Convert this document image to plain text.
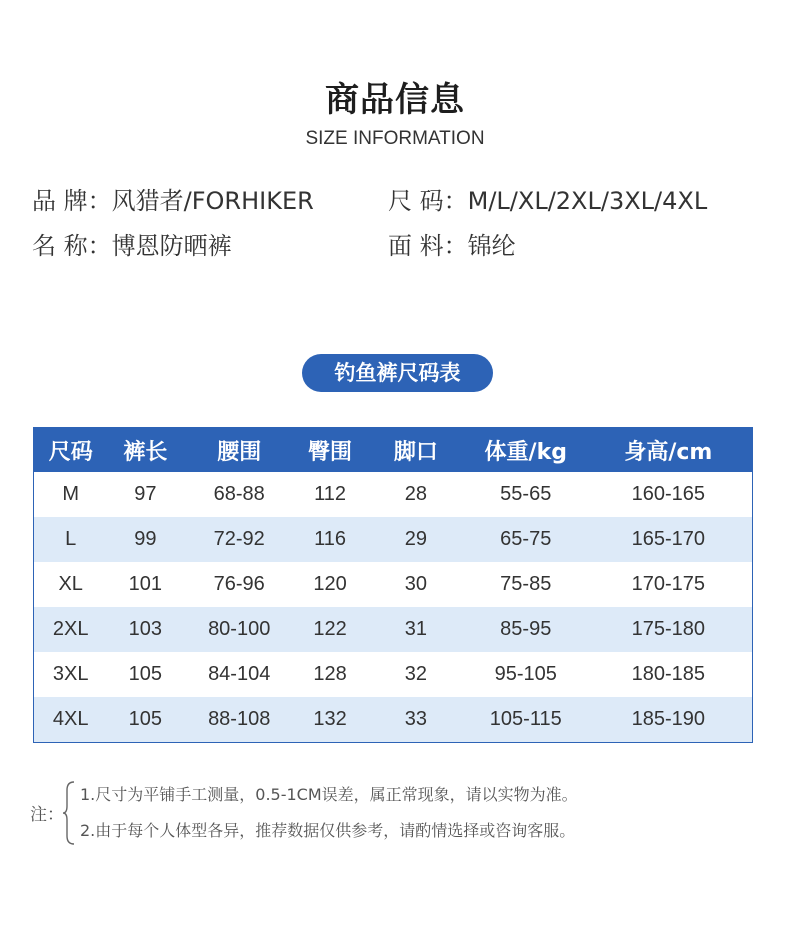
商品信息
SIZE INFORMATION
品 牌：风猎者/FORHIKER	尺 码：M/L/XL/2XL/3XL/4XL
名 称：博恩防晒裤	面 料：锦纶
钓鱼裤尺码表
尺码	裤长	腰围	臀围	脚口	体重/kg	身高/cm
M	97	68-88	112	28	55-65	160-165
L	99	72-92	116	29	65-75	165-170
XL	101	76-96	120	30	75-85	170-175
2XL	103	80-100	122	31	85-95	175-180
3XL	105	84-104	128	32	95-105	180-185
4XL	105	88-108	132	33	105-115	185-190
注：
1.尺寸为平铺手工测量，0.5-1CM误差，属正常现象，请以实物为准。
2.由于每个人体型各异，推荐数据仅供参考，请酌情选择或咨询客服。
